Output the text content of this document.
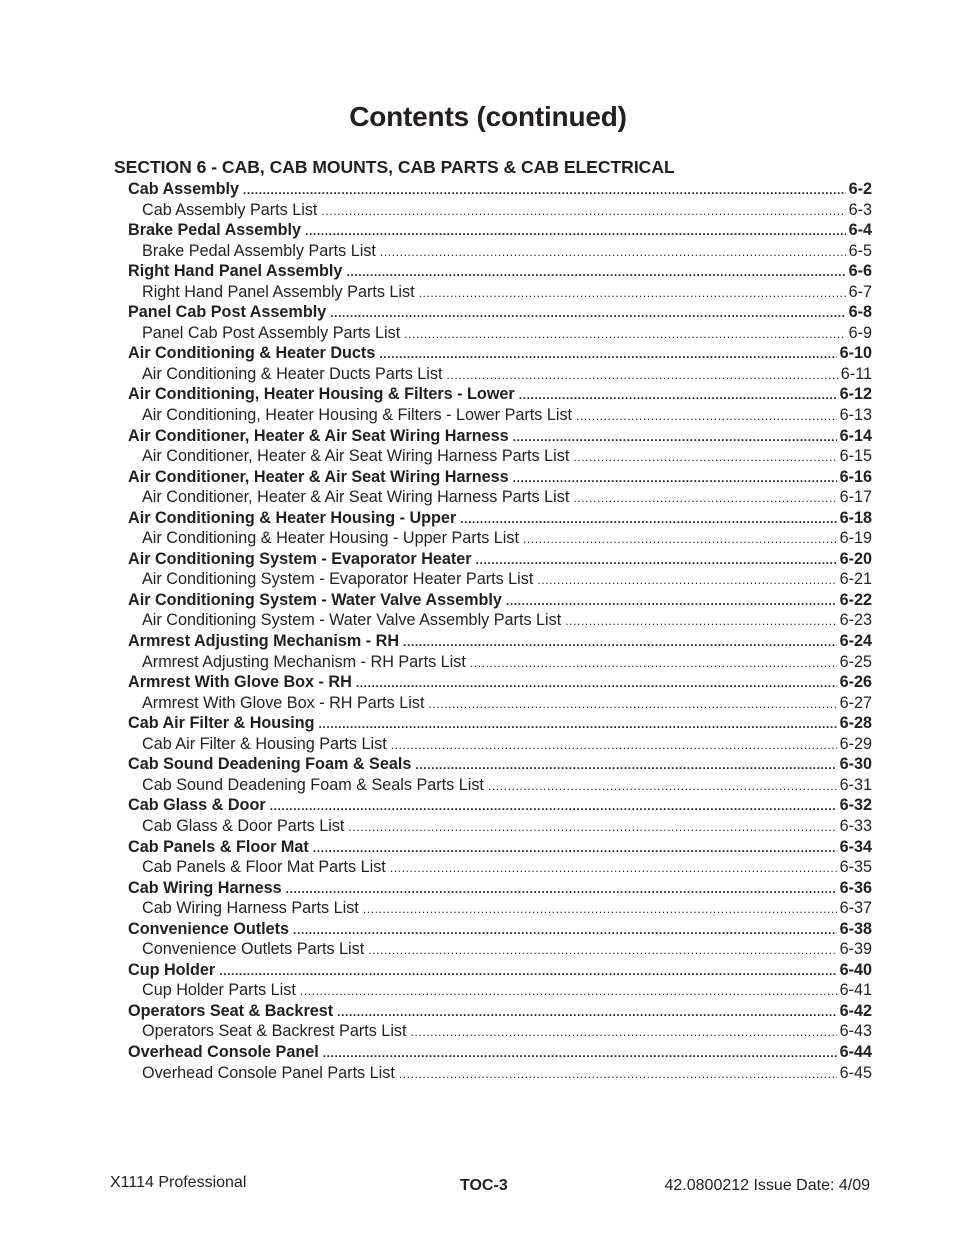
Contents (continued)
SECTION 6 - CAB, CAB MOUNTS, CAB PARTS & CAB ELECTRICAL
Cab Assembly .....	6-2
Cab Assembly Parts List .....	6-3
Brake Pedal Assembly .....	6-4
Brake Pedal Assembly Parts List .....	6-5
Right Hand Panel Assembly .....	6-6
Right Hand Panel Assembly Parts List .....	6-7
Panel Cab Post Assembly .....	6-8
Panel Cab Post Assembly Parts List .....	6-9
Air Conditioning & Heater Ducts .....	6-10
Air Conditioning & Heater Ducts Parts List .....	6-11
Air Conditioning, Heater Housing & Filters - Lower .....	6-12
Air Conditioning, Heater Housing & Filters - Lower Parts List .....	6-13
Air Conditioner, Heater & Air Seat Wiring Harness .....	6-14
Air Conditioner, Heater & Air Seat Wiring Harness Parts List .....	6-15
Air Conditioner, Heater & Air Seat Wiring Harness .....	6-16
Air Conditioner, Heater & Air Seat Wiring Harness Parts List .....	6-17
Air Conditioning & Heater Housing - Upper .....	6-18
Air Conditioning & Heater Housing - Upper Parts List .....	6-19
Air Conditioning System - Evaporator Heater .....	6-20
Air Conditioning System - Evaporator Heater Parts List .....	6-21
Air Conditioning System - Water Valve Assembly .....	6-22
Air Conditioning System - Water Valve Assembly Parts List .....	6-23
Armrest Adjusting Mechanism - RH .....	6-24
Armrest Adjusting Mechanism - RH Parts List .....	6-25
Armrest With Glove Box - RH .....	6-26
Armrest With Glove Box - RH Parts List .....	6-27
Cab Air Filter & Housing .....	6-28
Cab Air Filter & Housing Parts List .....	6-29
Cab Sound Deadening Foam & Seals .....	6-30
Cab Sound Deadening Foam & Seals Parts List .....	6-31
Cab Glass & Door .....	6-32
Cab Glass & Door Parts List .....	6-33
Cab Panels & Floor Mat .....	6-34
Cab Panels & Floor Mat Parts List .....	6-35
Cab Wiring Harness .....	6-36
Cab Wiring Harness Parts List .....	6-37
Convenience Outlets .....	6-38
Convenience Outlets Parts List .....	6-39
Cup Holder .....	6-40
Cup Holder Parts List .....	6-41
Operators Seat & Backrest .....	6-42
Operators Seat & Backrest Parts List .....	6-43
Overhead Console Panel .....	6-44
Overhead Console Panel Parts List .....	6-45
X1114 Professional	TOC-3	42.0800212 Issue Date: 4/09
